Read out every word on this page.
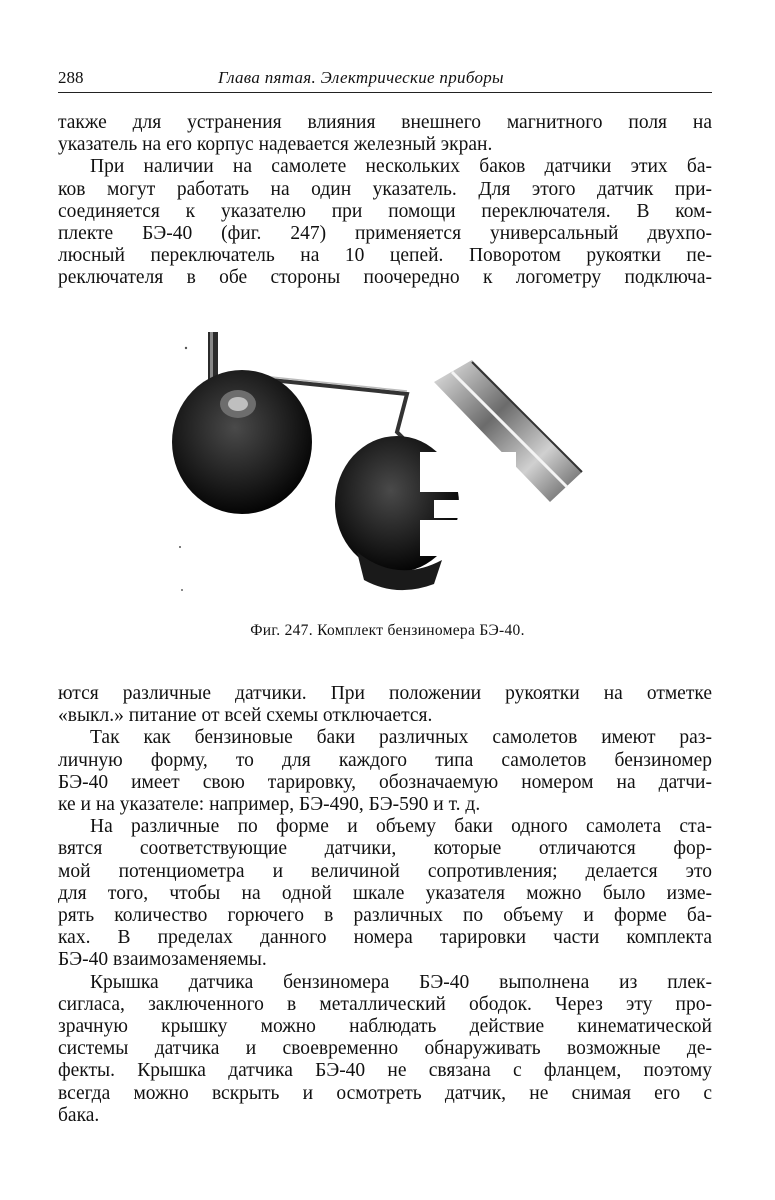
288	Глава пятая. Электрические приборы
также для устранения влияния внешнего магнитного поля на
указатель на его корпус надевается железный экран.
При наличии на самолете нескольких баков датчики этих ба-
ков могут работать на один указатель. Для этого датчик при-
соединяется к указателю при помощи переключателя. В ком-
плекте БЭ-40 (фиг. 247) применяется универсальный двухпо-
люсный переключатель на 10 цепей. Поворотом рукоятки пе-
реключателя в обе стороны поочередно к логометру подключа-
Фиг. 247. Комплект бензиномера БЭ-40.
ются различные датчики. При положении рукоятки на отметке
«выкл.» питание от всей схемы отключается.
Так как бензиновые баки различных самолетов имеют раз-
личную форму, то для каждого типа самолетов бензиномер
БЭ-40 имеет свою тарировку, обозначаемую номером на датчи-
ке и на указателе: например, БЭ-490, БЭ-590 и т. д.
На различные по форме и объему баки одного самолета ста-
вятся соответствующие датчики, которые отличаются фор-
мой потенциометра и величиной сопротивления; делается это
для того, чтобы на одной шкале указателя можно было изме-
рять количество горючего в различных по объему и форме ба-
ках. В пределах данного номера тарировки части комплекта
БЭ-40 взаимозаменяемы.
Крышка датчика бензиномера БЭ-40 выполнена из плек-
сигласа, заключенного в металлический ободок. Через эту про-
зрачную крышку можно наблюдать действие кинематической
системы датчика и своевременно обнаруживать возможные де-
фекты. Крышка датчика БЭ-40 не связана с фланцем, поэтому
всегда можно вскрыть и осмотреть датчик, не снимая его с
бака.
